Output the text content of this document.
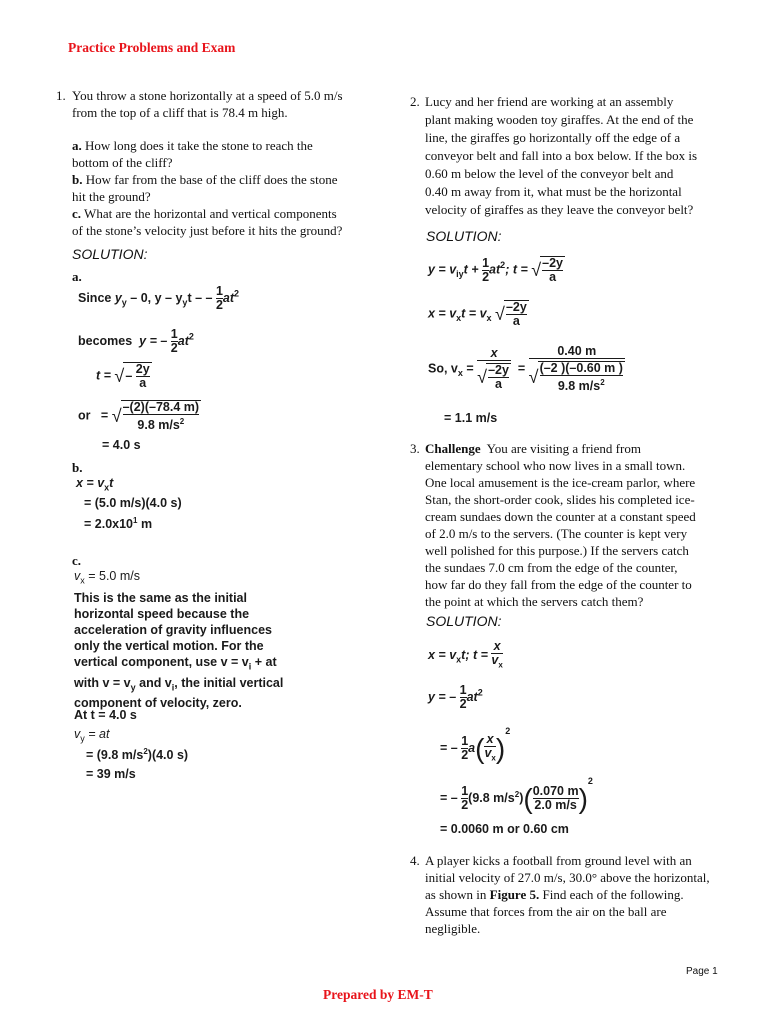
Practice Problems and Exam
1. You throw a stone horizontally at a speed of 5.0 m/s
from the top of a cliff that is 78.4 m high.
a. How long does it take the stone to reach the
bottom of the cliff?
b. How far from the base of the cliff does the stone
hit the ground?
c. What are the horizontal and vertical components
of the stone’s velocity just before it hits the ground?
SOLUTION:
a.
Since $y_y - 0$, y – $y_yt$ – – $\frac{1}{2} at^2$
becomes y = – $\frac{1}{2} at^2$
t = √– $\frac{2y}{a}$
or = √ $\frac{-(2)(-78.4 m)}{9.8 m/s^2}$
= 4.0 s
b.
$x = v_xt$
= (5.0 m/s)(4.0 s)
= $2.0x10^1$ m
c.
$v_x = 5.0$ m/s
This is the same as the initial
horizontal speed because the
acceleration of gravity influences
only the vertical motion. For the
vertical component, use $v = v_i$ + at
with $v = v_y$ and $v_i$, the initial vertical
component of velocity, zero.
At t = 4.0 s
$v_y$ = at
= (9.8 $m/s^2)(4.0$ s)
= 39 m/s
2. Lucy and her friend are working at an assembly
plant making wooden toy giraffes. At the end of the
line, the giraffes go horizontally off the edge of a
conveyor belt and fall into a box below. If the box is
0.60 m below the level of the conveyor belt and
0.40 m away from it, what must be the horizontal
velocity of giraffes as they leave the conveyor belt?
SOLUTION:
$y = v_{iy}t + \frac{1}{2} at^2$; t = √ $\frac{-2y}{a}$
$x = v_xt = v_x$ √ $\frac{-2y}{a}$
So, $v_x = \frac{x}{√ \frac{-2y}{a}} = \frac{0.40 m}{√ \frac{(-2 )(-0.60 m )}{9.8 m/s^2}}$
= 1.1 m/s
3. Challenge You are visiting a friend from
elementary school who now lives in a small town.
One local amusement is the ice-cream parlor, where
Stan, the short-order cook, slides his completed ice-
cream sundaes down the counter at a constant speed
of 2.0 m/s to the servers. (The counter is kept very
well polished for this purpose.) If the servers catch
the sundaes 7.0 cm from the edge of the counter,
how far do they fall from the edge of the counter to
the point at which the servers catch them?
SOLUTION:
$x = v_xt$; $t = \frac{x}{v_x}$
y = – $\frac{1}{2} at^2$
= – $\frac{1}{2} a( \frac{x}{v_x} )^2$
= – $\frac{1}{2} (9.8$ $m/s^2)( \frac{0.070 m}{2.0 m/s} )^2$
= 0.0060 m or 0.60 cm
4. A player kicks a football from ground level with an
initial velocity of 27.0 m/s, 30.0° above the horizontal,
as shown in Figure 5. Find each of the following.
Assume that forces from the air on the ball are
negligible.
Page 1
Prepared by EM-T
